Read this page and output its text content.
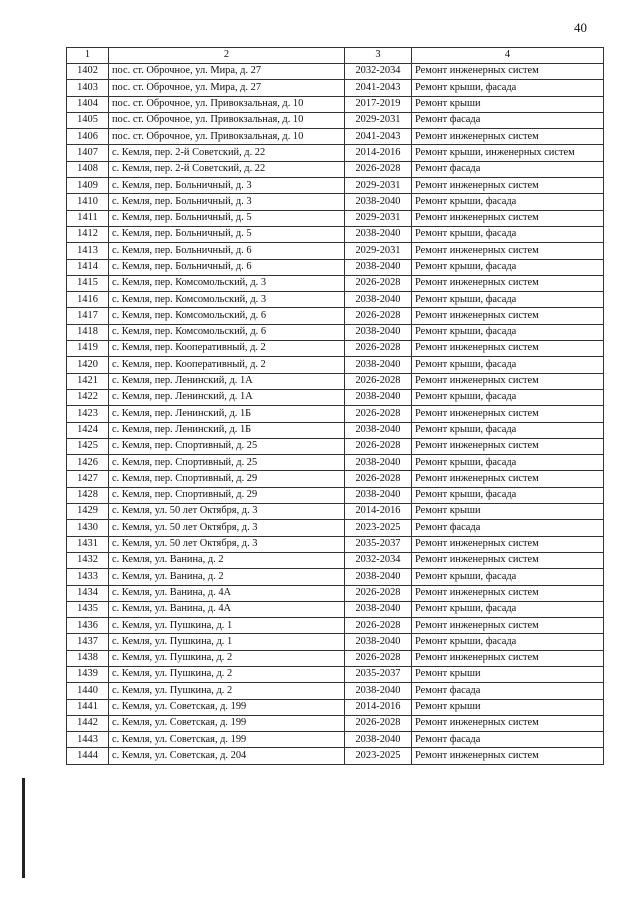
40
1	2	3	4
1402	пос. ст. Оброчное, ул. Мира, д. 27	2032-2034	Ремонт инженерных систем
1403	пос. ст. Оброчное, ул. Мира, д. 27	2041-2043	Ремонт крыши, фасада
1404	пос. ст. Оброчное, ул. Привокзальная, д. 10	2017-2019	Ремонт крыши
1405	пос. ст. Оброчное, ул. Привокзальная, д. 10	2029-2031	Ремонт фасада
1406	пос. ст. Оброчное, ул. Привокзальная, д. 10	2041-2043	Ремонт инженерных систем
1407	с. Кемля, пер. 2-й Советский, д. 22	2014-2016	Ремонт крыши, инженерных систем
1408	с. Кемля, пер. 2-й Советский, д. 22	2026-2028	Ремонт фасада
1409	с. Кемля, пер. Больничный, д. 3	2029-2031	Ремонт инженерных систем
1410	с. Кемля, пер. Больничный, д. 3	2038-2040	Ремонт крыши, фасада
1411	с. Кемля, пер. Больничный, д. 5	2029-2031	Ремонт инженерных систем
1412	с. Кемля, пер. Больничный, д. 5	2038-2040	Ремонт крыши, фасада
1413	с. Кемля, пер. Больничный, д. 6	2029-2031	Ремонт инженерных систем
1414	с. Кемля, пер. Больничный, д. 6	2038-2040	Ремонт крыши, фасада
1415	с. Кемля, пер. Комсомольский, д. 3	2026-2028	Ремонт инженерных систем
1416	с. Кемля, пер. Комсомольский, д. 3	2038-2040	Ремонт крыши, фасада
1417	с. Кемля, пер. Комсомольский, д. 6	2026-2028	Ремонт инженерных систем
1418	с. Кемля, пер. Комсомольский, д. 6	2038-2040	Ремонт крыши, фасада
1419	с. Кемля, пер. Кооперативный, д. 2	2026-2028	Ремонт инженерных систем
1420	с. Кемля, пер. Кооперативный, д. 2	2038-2040	Ремонт крыши, фасада
1421	с. Кемля, пер. Ленинский, д. 1А	2026-2028	Ремонт инженерных систем
1422	с. Кемля, пер. Ленинский, д. 1А	2038-2040	Ремонт крыши, фасада
1423	с. Кемля, пер. Ленинский, д. 1Б	2026-2028	Ремонт инженерных систем
1424	с. Кемля, пер. Ленинский, д. 1Б	2038-2040	Ремонт крыши, фасада
1425	с. Кемля, пер. Спортивный, д. 25	2026-2028	Ремонт инженерных систем
1426	с. Кемля, пер. Спортивный, д. 25	2038-2040	Ремонт крыши, фасада
1427	с. Кемля, пер. Спортивный, д. 29	2026-2028	Ремонт инженерных систем
1428	с. Кемля, пер. Спортивный, д. 29	2038-2040	Ремонт крыши, фасада
1429	с. Кемля, ул. 50 лет Октября, д. 3	2014-2016	Ремонт крыши
1430	с. Кемля, ул. 50 лет Октября, д. 3	2023-2025	Ремонт фасада
1431	с. Кемля, ул. 50 лет Октября, д. 3	2035-2037	Ремонт инженерных систем
1432	с. Кемля, ул. Ванина, д. 2	2032-2034	Ремонт инженерных систем
1433	с. Кемля, ул. Ванина, д. 2	2038-2040	Ремонт крыши, фасада
1434	с. Кемля, ул. Ванина, д. 4А	2026-2028	Ремонт инженерных систем
1435	с. Кемля, ул. Ванина, д. 4А	2038-2040	Ремонт крыши, фасада
1436	с. Кемля, ул. Пушкина, д. 1	2026-2028	Ремонт инженерных систем
1437	с. Кемля, ул. Пушкина, д. 1	2038-2040	Ремонт крыши, фасада
1438	с. Кемля, ул. Пушкина, д. 2	2026-2028	Ремонт инженерных систем
1439	с. Кемля, ул. Пушкина, д. 2	2035-2037	Ремонт крыши
1440	с. Кемля, ул. Пушкина, д. 2	2038-2040	Ремонт фасада
1441	с. Кемля, ул. Советская, д. 199	2014-2016	Ремонт крыши
1442	с. Кемля, ул. Советская, д. 199	2026-2028	Ремонт инженерных систем
1443	с. Кемля, ул. Советская, д. 199	2038-2040	Ремонт фасада
1444	с. Кемля, ул. Советская, д. 204	2023-2025	Ремонт инженерных систем
